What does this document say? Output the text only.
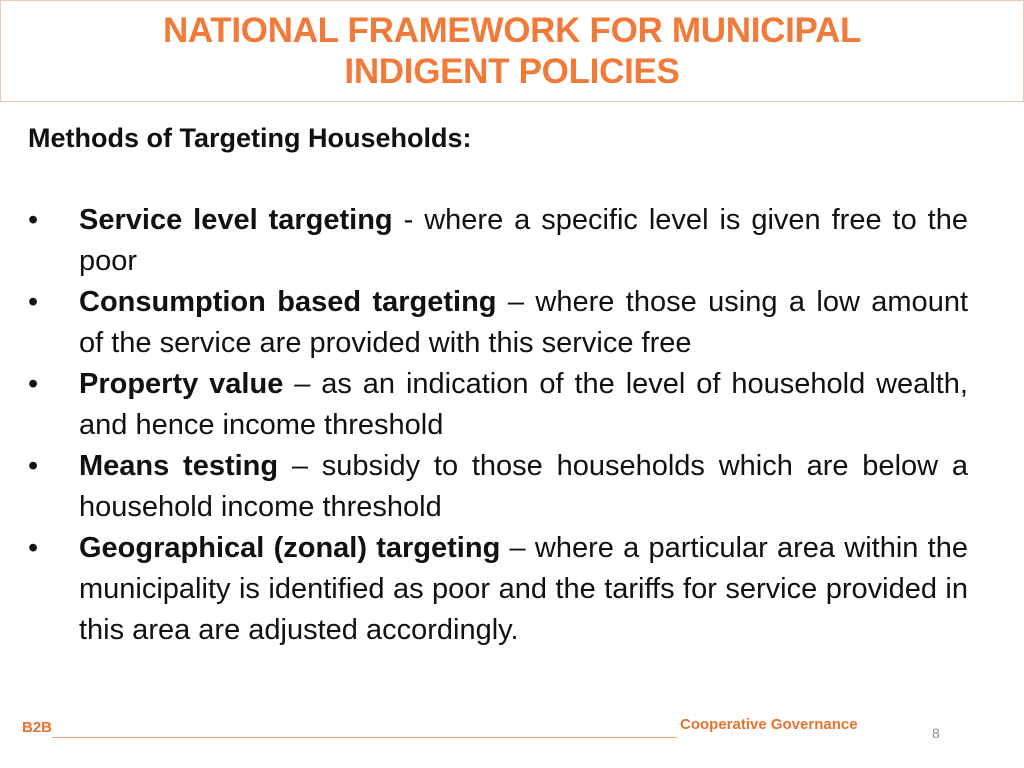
NATIONAL FRAMEWORK FOR MUNICIPAL
INDIGENT POLICIES
Methods of Targeting Households:
•	Service level targeting - where a specific level is given free to the poor
•	Consumption based targeting – where those using a low amount of the service are provided with this service free
•	Property value – as an indication of the level of household wealth, and hence income threshold
•	Means testing – subsidy to those households which are below a household income threshold
•	Geographical (zonal) targeting – where a particular area within the municipality is identified as poor and the tariffs for service provided in this area are adjusted accordingly.
B2B	Cooperative Governance	8
